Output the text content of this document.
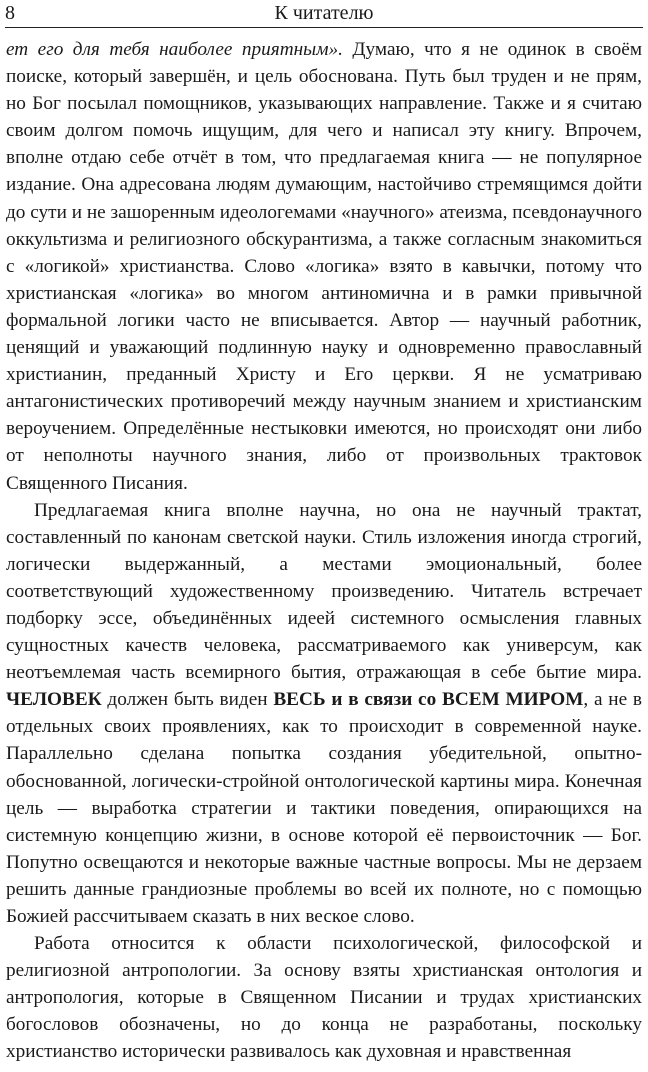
8	К читателю

ет его для тебя наиболее приятным». Думаю, что я не одинок в своём поиске, который завершён, и цель обоснована. Путь был труден и не прям, но Бог посылал помощников, указывающих направление. Также и я считаю своим долгом помочь ищущим, для чего и написал эту книгу. Впрочем, вполне отдаю себе отчёт в том, что предлагаемая книга — не популярное издание. Она адресована людям думающим, настойчиво стремящимся дойти до сути и не зашоренным идеологемами «научного» атеизма, псевдонаучного оккультизма и религиозного обскурантизма, а также согласным знакомиться с «логикой» христианства. Слово «логика» взято в кавычки, потому что христианская «логика» во многом антиномична и в рамки привычной формальной логики часто не вписывается. Автор — научный работник, ценящий и уважающий подлинную науку и одновременно православный христианин, преданный Христу и Его церкви. Я не усматриваю антагонистических противоречий между научным знанием и христианским вероучением. Определённые нестыковки имеются, но происходят они либо от неполноты научного знания, либо от произвольных трактовок Священного Писания.

Предлагаемая книга вполне научна, но она не научный трактат, составленный по канонам светской науки. Стиль изложения иногда строгий, логически выдержанный, а местами эмоциональный, более соответствующий художественному произведению. Читатель встречает подборку эссе, объединённых идеей системного осмысления главных сущностных качеств человека, рассматриваемого как универсум, как неотъемлемая часть всемирного бытия, отражающая в себе бытие мира. ЧЕЛОВЕК должен быть виден ВЕСЬ и в связи со ВСЕМ МИРОМ, а не в отдельных своих проявлениях, как то происходит в современной науке. Параллельно сделана попытка создания убедительной, опытно-обоснованной, логически-стройной онтологической картины мира. Конечная цель — выработка стратегии и тактики поведения, опирающихся на системную концепцию жизни, в основе которой её первоисточник — Бог. Попутно освещаются и некоторые важные частные вопросы. Мы не дерзаем решить данные грандиозные проблемы во всей их полноте, но с помощью Божией рассчитываем сказать в них веское слово.

Работа относится к области психологической, философской и религиозной антропологии. За основу взяты христианская онтология и антропология, которые в Священном Писании и трудах христианских богословов обозначены, но до конца не разработаны, поскольку христианство исторически развивалось как духовная и нравственная
